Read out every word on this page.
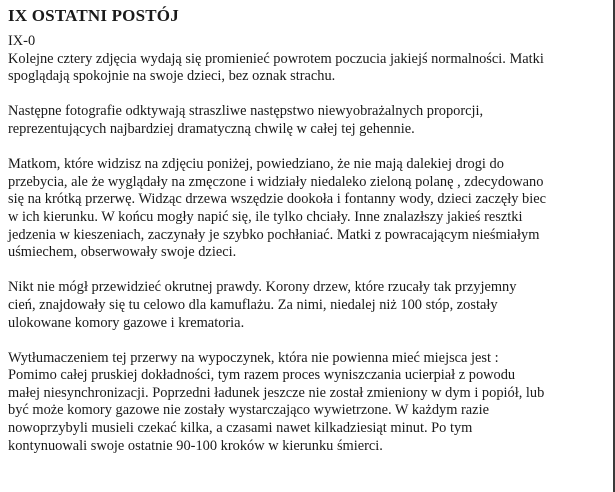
IX OSTATNI POSTÓJ

IX-0
Kolejne cztery zdjęcia wydają się promienieć powrotem poczucia jakiejś normalności. Matki
spoglądają spokojnie na swoje dzieci, bez oznak strachu.

Następne fotografie odktywają straszliwe następstwo niewyobrażalnych proporcji,
reprezentujących najbardziej dramatyczną chwilę w całej tej gehennie.

Matkom, które widzisz na zdjęciu poniżej, powiedziano, że nie mają dalekiej drogi do
przebycia, ale że wyglądały na zmęczone i widziały niedaleko zieloną polanę , zdecydowano
się na krótką przerwę. Widząc drzewa wszędzie dookoła i fontanny wody, dzieci zaczęły biec
w ich kierunku. W końcu mogły napić się, ile tylko chciały. Inne znalazłszy jakieś resztki
jedzenia w kieszeniach, zaczynały je szybko pochłaniać. Matki z powracającym nieśmiałym
uśmiechem, obserwowały swoje dzieci.

Nikt nie mógł przewidzieć okrutnej prawdy. Korony drzew, które rzucały tak przyjemny
cień, znajdowały się tu celowo dla kamuflażu. Za nimi, niedalej niż 100 stóp, zostały
ulokowane komory gazowe i krematoria.

Wytłumaczeniem tej przerwy na wypoczynek, która nie powienna mieć miejsca jest :
Pomimo całej pruskiej dokładności, tym razem proces wyniszczania ucierpiał z powodu
małej niesynchronizacji. Poprzedni ładunek jeszcze nie został zmieniony w dym i popiół, lub
być może komory gazowe nie zostały wystarczająco wywietrzone. W każdym razie
nowoprzybyli musieli czekać kilka, a czasami nawet kilkadziesiąt minut. Po tym
kontynuowali swoje ostatnie 90-100 kroków w kierunku śmierci.
